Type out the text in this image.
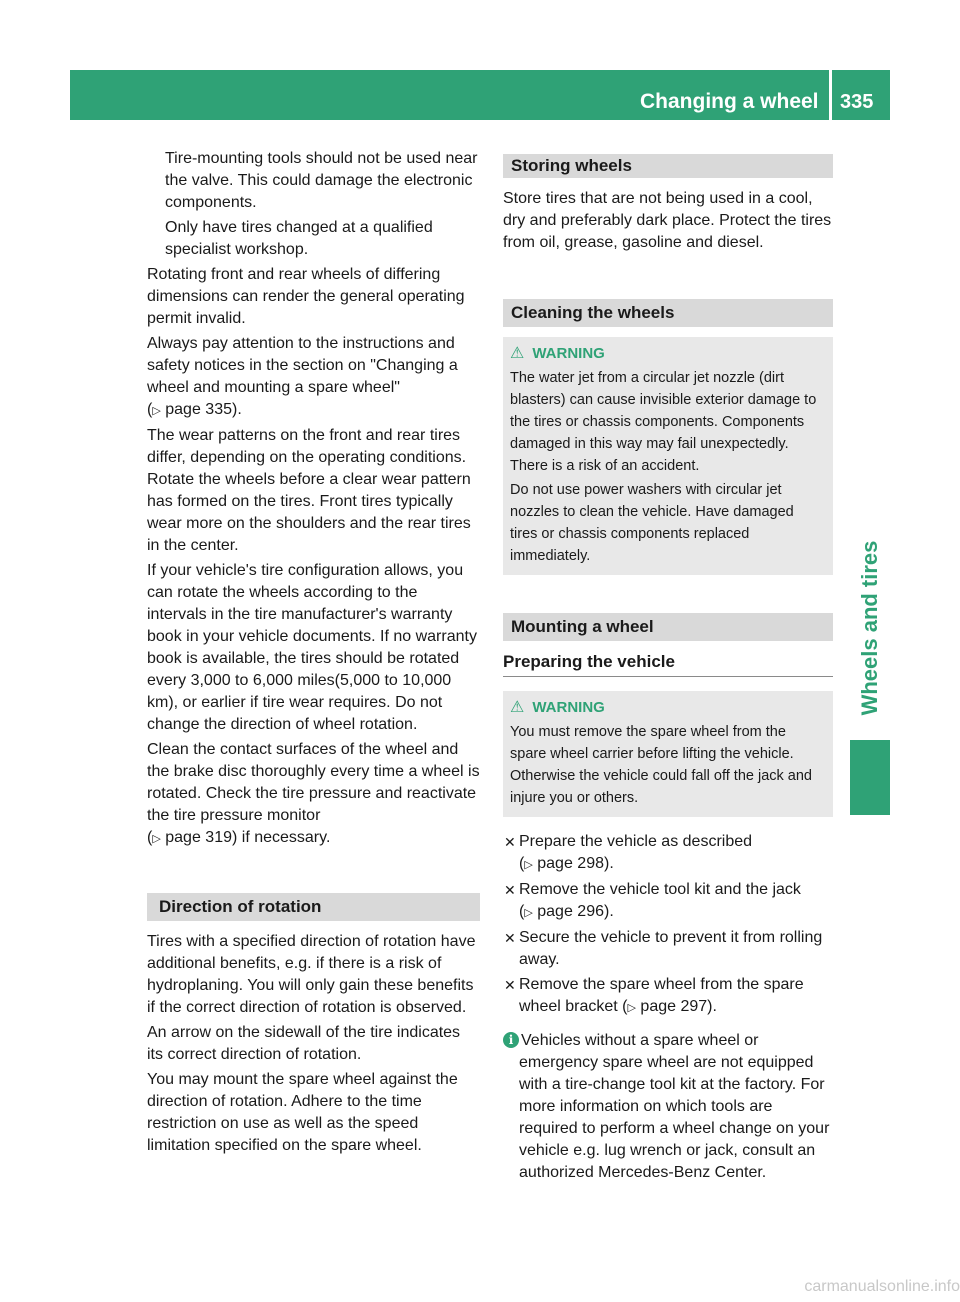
Changing a wheel 335
Wheels and tires

Tire-mounting tools should not be used near the valve. This could damage the electronic components.

Only have tires changed at a qualified specialist workshop.

Rotating front and rear wheels of differing dimensions can render the general operating permit invalid.

Always pay attention to the instructions and safety notices in the section on "Changing a wheel and mounting a spare wheel"
(▷ page 335).

The wear patterns on the front and rear tires differ, depending on the operating conditions. Rotate the wheels before a clear wear pattern has formed on the tires. Front tires typically wear more on the shoulders and the rear tires in the center.

If your vehicle's tire configuration allows, you can rotate the wheels according to the intervals in the tire manufacturer's warranty book in your vehicle documents. If no warranty book is available, the tires should be rotated every 3,000 to 6,000 miles(5,000 to 10,000 km), or earlier if tire wear requires. Do not change the direction of wheel rotation.

Clean the contact surfaces of the wheel and the brake disc thoroughly every time a wheel is rotated. Check the tire pressure and reactivate the tire pressure monitor
(▷ page 319) if necessary.

Direction of rotation

Tires with a specified direction of rotation have additional benefits, e.g. if there is a risk of hydroplaning. You will only gain these benefits if the correct direction of rotation is observed.

An arrow on the sidewall of the tire indicates its correct direction of rotation.

You may mount the spare wheel against the direction of rotation. Adhere to the time restriction on use as well as the speed limitation specified on the spare wheel.

Storing wheels

Store tires that are not being used in a cool, dry and preferably dark place. Protect the tires from oil, grease, gasoline and diesel.

Cleaning the wheels
⚠ WARNING

The water jet from a circular jet nozzle (dirt blasters) can cause invisible exterior damage to the tires or chassis components. Components damaged in this way may fail unexpectedly. There is a risk of an accident.

Do not use power washers with circular jet nozzles to clean the vehicle. Have damaged tires or chassis components replaced immediately.

Mounting a wheel
Preparing the vehicle
⚠ WARNING

You must remove the spare wheel from the spare wheel carrier before lifting the vehicle. Otherwise the vehicle could fall off the jack and injure you or others.

✕ Prepare the vehicle as described
(▷ page 298).

✕ Remove the vehicle tool kit and the jack
(▷ page 296).

✕ Secure the vehicle to prevent it from rolling away.

✕ Remove the spare wheel from the spare wheel bracket (▷ page 297).

i Vehicles without a spare wheel or emergency spare wheel are not equipped with a tire-change tool kit at the factory. For more information on which tools are required to perform a wheel change on your vehicle e.g. lug wrench or jack, consult an authorized Mercedes-Benz Center.

carmanualsonline.info
